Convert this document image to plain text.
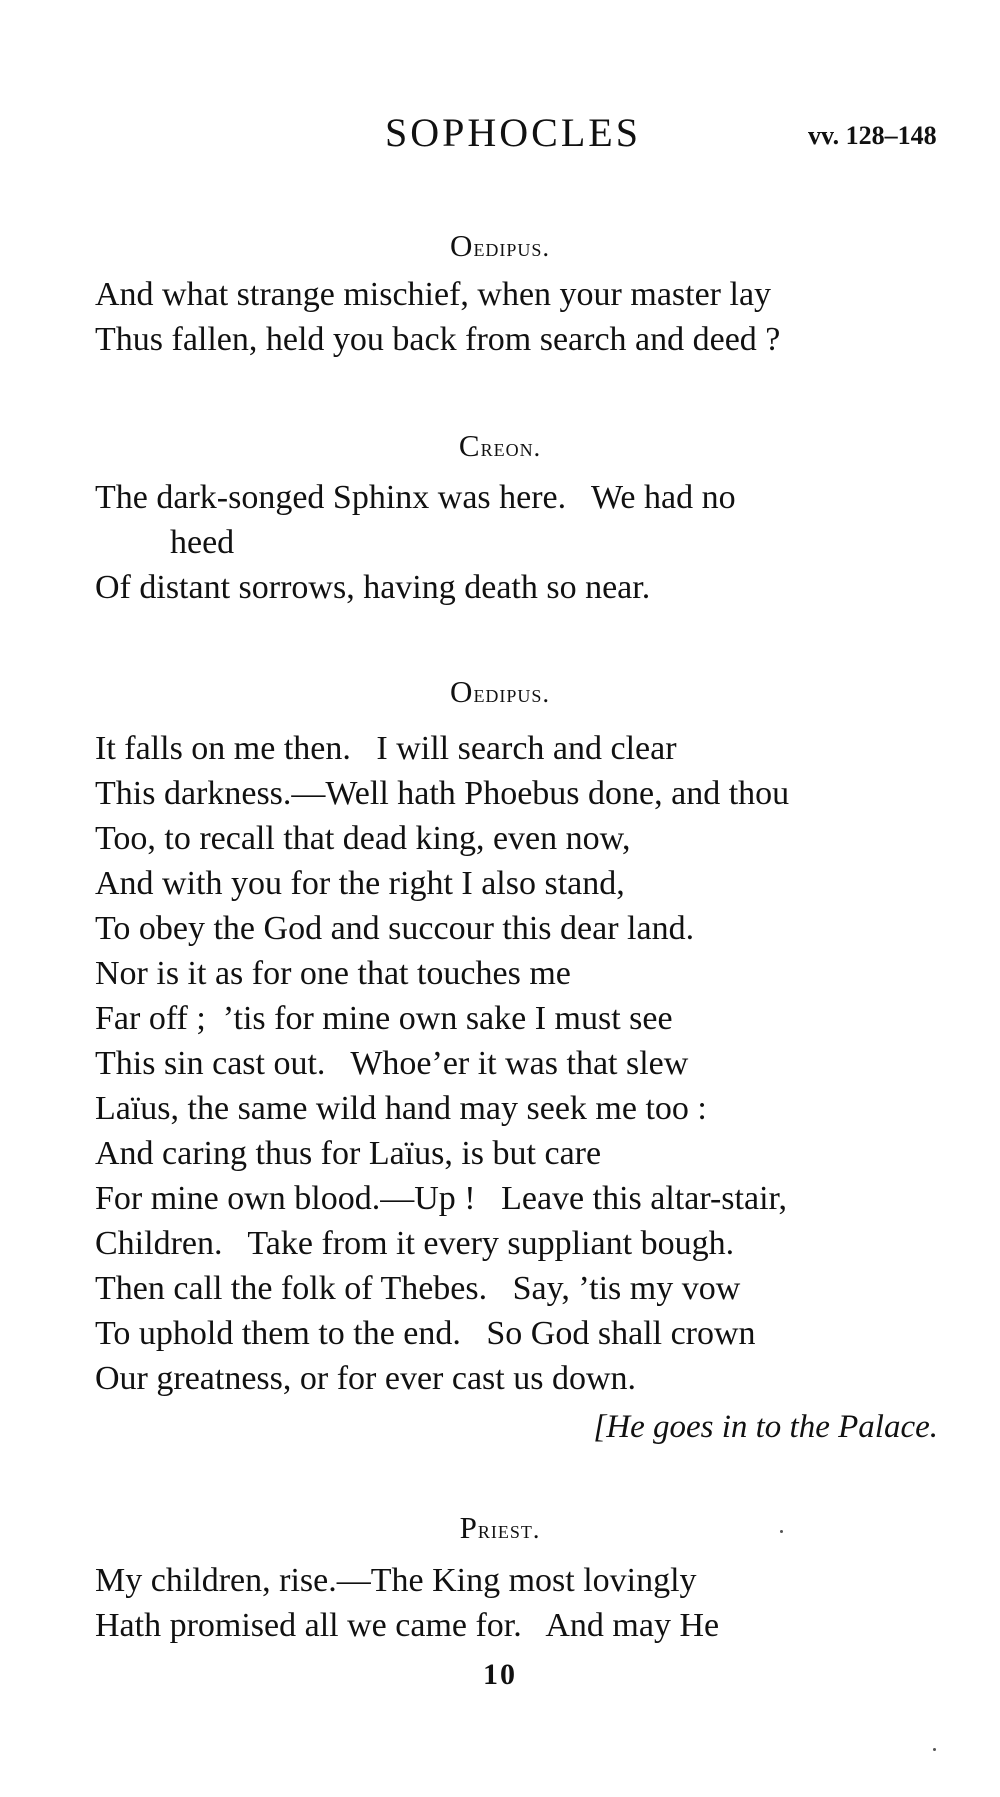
SOPHOCLES	vv. 128–148
Oedipus.
And what strange mischief, when your master lay
Thus fallen, held you back from search and deed ?
Creon.
The dark-songed Sphinx was here.   We had no
heed
Of distant sorrows, having death so near.
Oedipus.
It falls on me then.   I will search and clear
This darkness.—Well hath Phoebus done, and thou
Too, to recall that dead king, even now,
And with you for the right I also stand,
To obey the God and succour this dear land.
Nor is it as for one that touches me
Far off ;  ’tis for mine own sake I must see
This sin cast out.   Whoe’er it was that slew
Laïus, the same wild hand may seek me too :
And caring thus for Laïus, is but care
For mine own blood.—Up !   Leave this altar-stair,
Children.   Take from it every suppliant bough.
Then call the folk of Thebes.   Say, ’tis my vow
To uphold them to the end.   So God shall crown
Our greatness, or for ever cast us down.
[He goes in to the Palace.
Priest.
My children, rise.—The King most lovingly
Hath promised all we came for.   And may He
10
